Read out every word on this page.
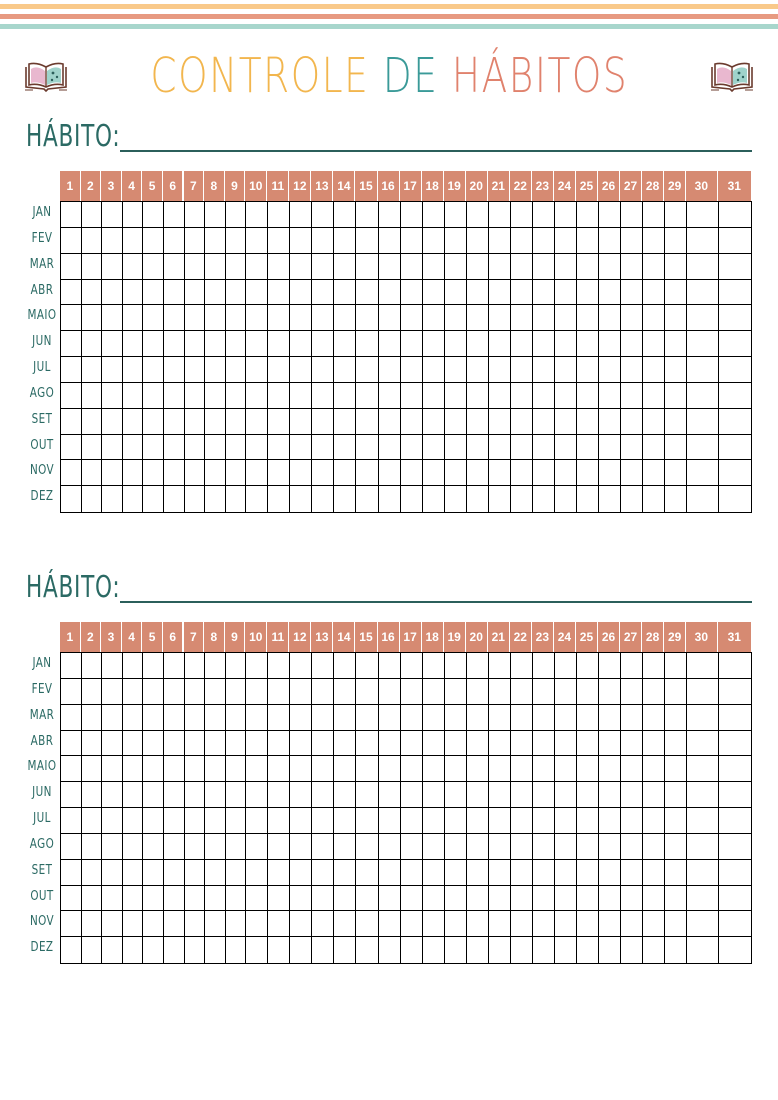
CONTROLE DE HÁBITOS
HÁBITO:
1	2	3	4	5	6	7	8	9 10 11 12 13 14 15 16 17 18 19 20 21 22 23 24 25 26 27 28 29	30	31
JAN
FEV
MAR
ABR
MAIO
JUN
JUL
AGO
SET
OUT
NOV
DEZ
HÁBITO:
1	2	3	4	5	6	7	8	9 10 11 12 13 14 15 16 17 18 19 20 21 22 23 24 25 26 27 28 29	30	31
JAN
FEV
MAR
ABR
MAIO
JUN
JUL
AGO
SET
OUT
NOV
DEZ
